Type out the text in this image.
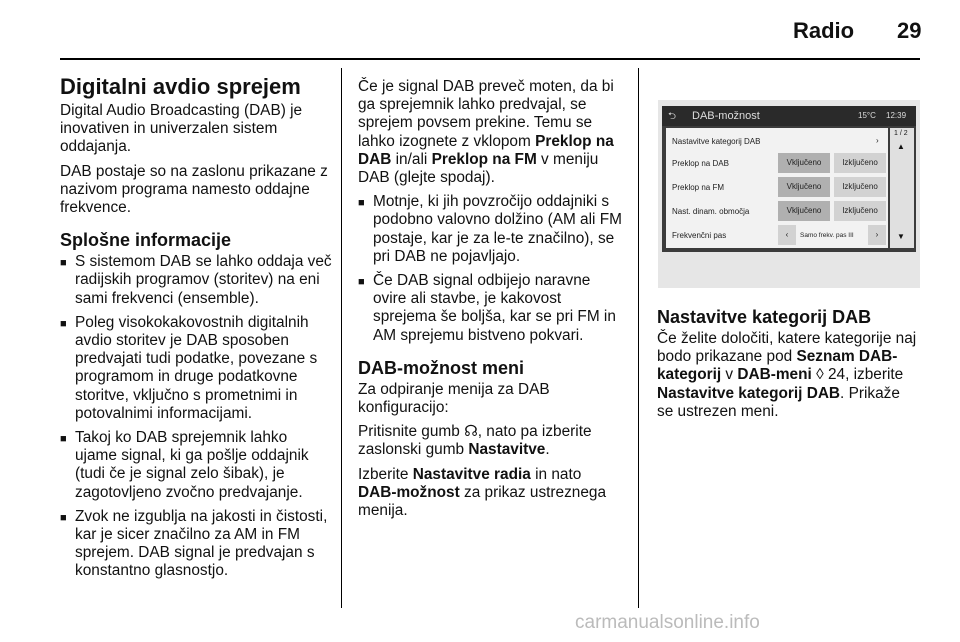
Radio 29
Digitalni avdio sprejem

Digital Audio Broadcasting (DAB) je inovativen in univerzalen sistem oddajanja.

DAB postaje so na zaslonu prikazane z nazivom programa namesto oddajne frekvence.

Splošne informacije
■ S sistemom DAB se lahko oddaja več radijskih programov (storitev) na eni sami frekvenci (ensemble).
■ Poleg visokokakovostnih digitalnih avdio storitev je DAB sposoben predvajati tudi podatke, povezane s programom in druge podatkovne storitve, vključno s prometnimi in potovalnimi informacijami.
■ Takoj ko DAB sprejemnik lahko ujame signal, ki ga pošlje oddajnik (tudi če je signal zelo šibak), je zagotovljeno zvočno predvajanje.
■ Zvok ne izgublja na jakosti in čistosti, kar je sicer značilno za AM in FM sprejem. DAB signal je predvajan s konstantno glasnostjo.

Če je signal DAB preveč moten, da bi ga sprejemnik lahko predvajal, se sprejem povsem prekine. Temu se lahko izognete z vklopom Preklop na DAB in/ali Preklop na FM v meniju DAB (glejte spodaj).

■ Motnje, ki jih povzročijo oddajniki s podobno valovno dolžino (AM ali FM postaje, kar je za le-te značilno), se pri DAB ne pojavljajo.
■ Če DAB signal odbijejo naravne ovire ali stavbe, je kakovost sprejema še boljša, kar se pri FM in AM sprejemu bistveno pokvari.
DAB-možnost meni

Za odpiranje menija za DAB konfiguracijo:

Pritisnite gumb ☊, nato pa izberite zaslonski gumb Nastavitve.

Izberite Nastavitve radia in nato DAB-možnost za prikaz ustreznega menija.

⮌ DAB-možnost	15°C 12:39
Nastavitve kategorij DAB	›
Preklop na DAB	Vključeno	Izključeno
Preklop na FM	Vključeno	Izključeno
Nast. dinam. območja	Vključeno	Izključeno
Frekvenčni pas	‹	Samo frekv. pas III	›
1 / 2
▲
▼
Nastavitve kategorij DAB

Če želite določiti, katere kategorije naj bodo prikazane pod Seznam DAB-kategorij v DAB-meni ◊ 24, izberite Nastavitve kategorij DAB. Prikaže se ustrezen meni.

carmanualsonline.info
